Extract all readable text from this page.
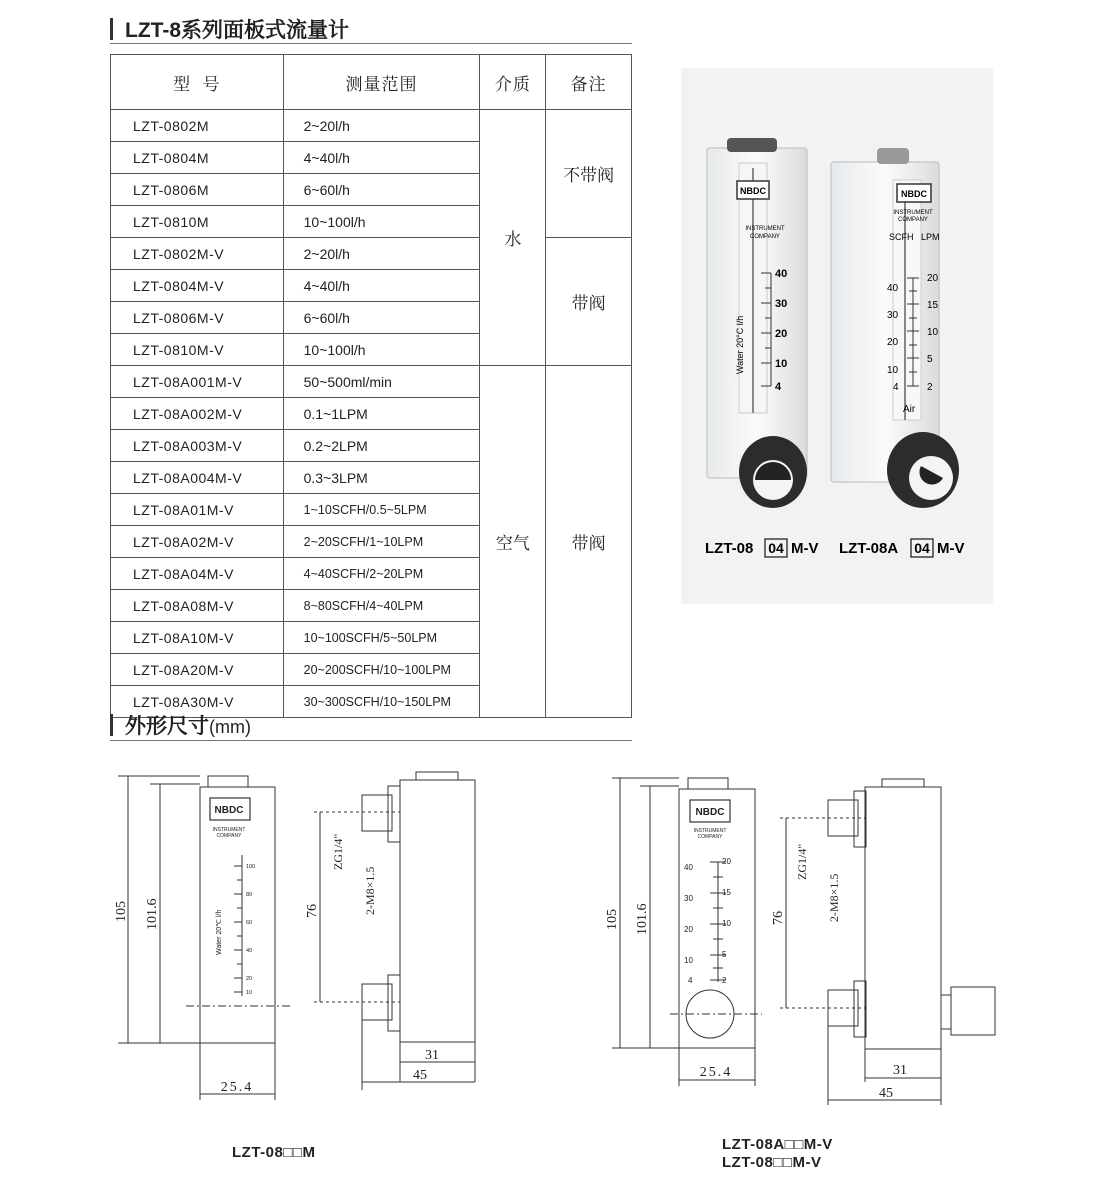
LZT-8系列面板式流量计
型  号	测量范围	介质	备注
LZT-0802M	2~20l/h	水	不带阀
LZT-0804M	4~40l/h		
LZT-0806M	6~60l/h		
LZT-0810M	10~100l/h		
LZT-0802M-V	2~20l/h		带阀
LZT-0804M-V	4~40l/h		
LZT-0806M-V	6~60l/h		
LZT-0810M-V	10~100l/h		
LZT-08A001M-V	50~500ml/min	空气	带阀
LZT-08A002M-V	0.1~1LPM		
LZT-08A003M-V	0.2~2LPM		
LZT-08A004M-V	0.3~3LPM		
LZT-08A01M-V	1~10SCFH/0.5~5LPM		
LZT-08A02M-V	2~20SCFH/1~10LPM		
LZT-08A04M-V	4~40SCFH/2~20LPM		
LZT-08A08M-V	8~80SCFH/4~40LPM		
LZT-08A10M-V	10~100SCFH/5~50LPM		
LZT-08A20M-V	20~200SCFH/10~100LPM		
LZT-08A30M-V	30~300SCFH/10~150LPM		
NBDC
INSTRUMENT
COMPANY
Water 20°C l/h
40
30
20
10
4
NBDC
INSTRUMENT
COMPANY
SCFH LPM
40
30
20
10
4
20
15
10
5
2
Air
LZT-08 04 M-V LZT-08A 04 M-V
外形尺寸(mm)
NBDC
INSTRUMENT
COMPANY
Water 20℃ l/h
100
80
60
40
20
10
105 101.6
25.4
76
ZG1/4"
2-M8×1.5
31
45
NBDC
INSTRUMENT
COMPANY
40
30
20
10
4
20
15
10
5
2
105 101.6
25.4
76
ZG1/4"
2-M8×1.5
31
45
LZT-08□□M	LZT-08A□□M-V
LZT-08□□M-V
